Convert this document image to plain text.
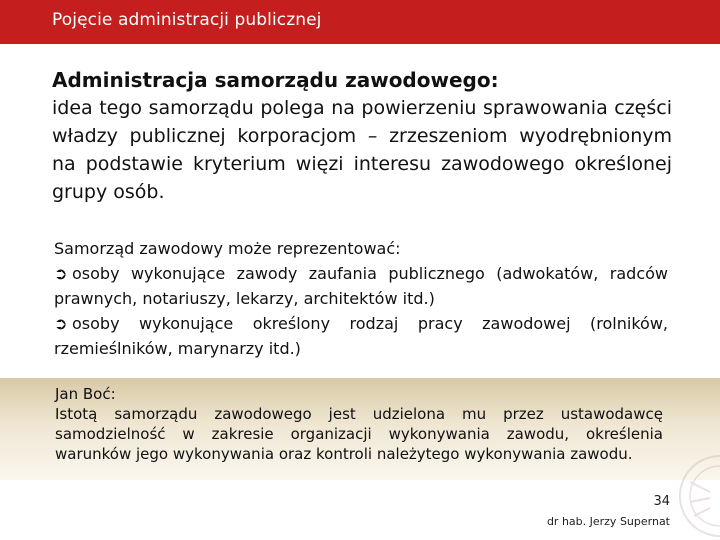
Pojęcie administracji publicznej
Administracja samorządu zawodowego:
idea tego samorządu polega na powierzeniu sprawowania części władzy publicznej korporacjom – zrzeszeniom wyodrębnionym na podstawie kryterium więzi interesu zawodowego określonej grupy osób.
Samorząd zawodowy może reprezentować:
➲ osoby wykonujące zawody zaufania publicznego (adwokatów, radców prawnych, notariuszy, lekarzy, architektów itd.)
➲ osoby wykonujące określony rodzaj pracy zawodowej (rolników, rzemieślników, marynarzy itd.)
Jan Boć:
Istotą samorządu zawodowego jest udzielona mu przez ustawodawcę samodzielność w zakresie organizacji wykonywania zawodu, określenia warunków jego wykonywania oraz kontroli należytego wykonywania zawodu.
34
dr hab. Jerzy Supernat
